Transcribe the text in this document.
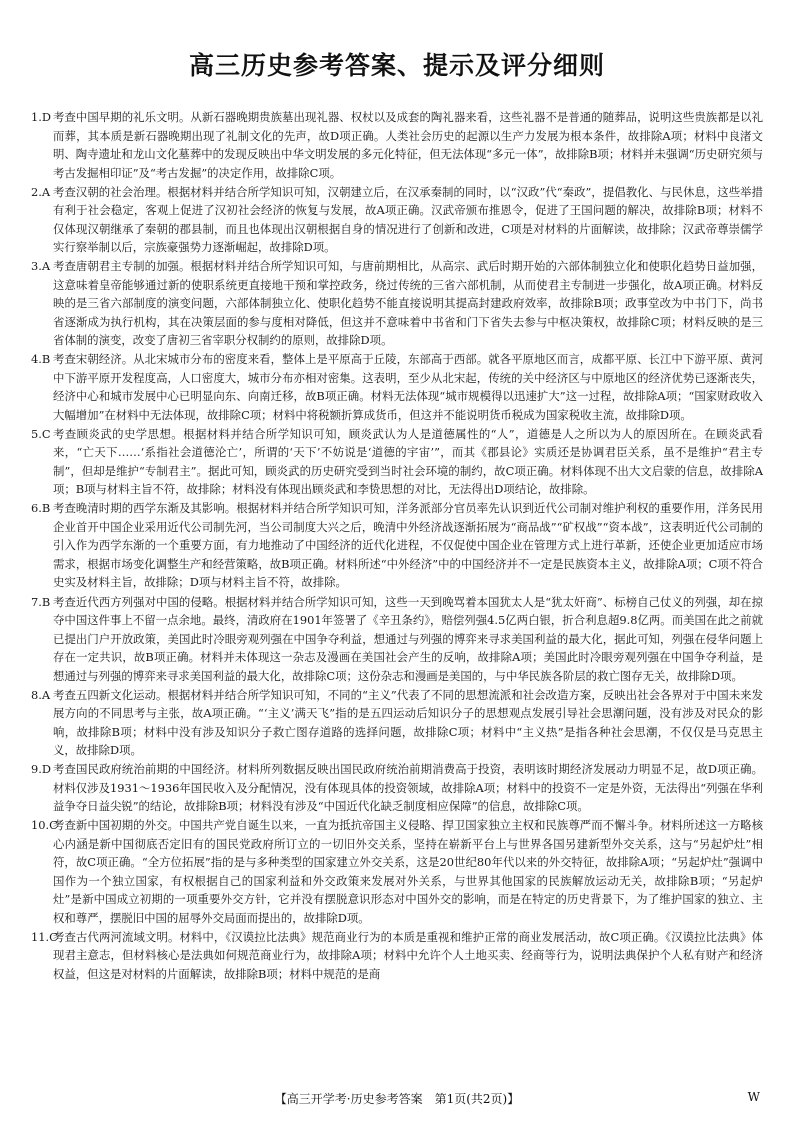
高三历史参考答案、提示及评分细则
1.D 考查中国早期的礼乐文明。从新石器晚期贵族墓出现礼器、权杖以及成套的陶礼器来看，这些礼器不是普通的随葬品，说明这些贵族都是以礼而葬，其本质是新石器晚期出现了礼制文化的先声，故D项正确。人类社会历史的起源以生产力发展为根本条件，故排除A项；材料中良渚文明、陶寺遗址和龙山文化墓葬中的发现反映出中华文明发展的多元化特征，但无法体现“多元一体”，故排除B项；材料并未强调“历史研究须与考古发掘相印证”及“考古发掘”的决定作用，故排除C项。
2.A 考查汉朝的社会治理。根据材料并结合所学知识可知，汉朝建立后，在汉承秦制的同时，以“汉政”代“秦政”，提倡教化、与民休息，这些举措有利于社会稳定，客观上促进了汉初社会经济的恢复与发展，故A项正确。汉武帝颁布推恩令，促进了王国问题的解决，故排除B项；材料不仅体现汉朝继承了秦朝的郡县制，而且也体现出汉朝根据自身的情况进行了创新和改进，C项是对材料的片面解读，故排除；汉武帝尊崇儒学实行察举制以后，宗族豪强势力逐渐崛起，故排除D项。
3.A 考查唐朝君主专制的加强。根据材料并结合所学知识可知，与唐前期相比，从高宗、武后时期开始的六部体制独立化和使职化趋势日益加强，这意味着皇帝能够通过新的使职系统更直接地干预和掌控政务，绕过传统的三省六部机制，从而使君主专制进一步强化，故A项正确。材料反映的是三省六部制度的演变问题，六部体制独立化、使职化趋势不能直接说明其提高封建政府效率，故排除B项；政事堂改为中书门下，尚书省逐渐成为执行机构，其在决策层面的参与度相对降低，但这并不意味着中书省和门下省失去参与中枢决策权，故排除C项；材料反映的是三省体制的演变，改变了唐初三省宰职分权制约的原则，故排除D项。
4.B 考查宋朝经济。从北宋城市分布的密度来看，整体上是平原高于丘陵，东部高于西部。就各平原地区而言，成都平原、长江中下游平原、黄河中下游平原开发程度高，人口密度大，城市分布亦相对密集。这表明，至少从北宋起，传统的关中经济区与中原地区的经济优势已逐渐丧失，经济中心和城市发展中心已明显向东、向南迁移，故B项正确。材料无法体现“城市规模得以迅速扩大”这一过程，故排除A项；“国家财政收入大幅增加”在材料中无法体现，故排除C项；材料中将税额折算成货币，但这并不能说明货币税成为国家税收主流，故排除D项。
5.C 考查顾炎武的史学思想。根据材料并结合所学知识可知，顾炎武认为人是道德属性的“人”，道德是人之所以为人的原因所在。在顾炎武看来，“亡天下……‘系指社会道德沦亡’，所谓的‘天下’不妨说是‘道德的宇宙’”，而其《郡县论》实质还是协调君臣关系，虽不是维护“君主专制”，但却是维护“专制君主”。据此可知，顾炎武的历史研究受到当时社会环境的制约，故C项正确。材料体现不出大文启蒙的信息，故排除A项；B项与材料主旨不符，故排除；材料没有体现出顾炎武和李贽思想的对比，无法得出D项结论，故排除。
6.B 考查晚清时期的西学东渐及其影响。根据材料并结合所学知识可知，洋务派部分官员率先认识到近代公司制对维护利权的重要作用，洋务民用企业首开中国企业采用近代公司制先河，当公司制度大兴之后，晚清中外经济战逐渐拓展为“商品战”“矿权战”“资本战”，这表明近代公司制的引入作为西学东渐的一个重要方面，有力地推动了中国经济的近代化进程，不仅促使中国企业在管理方式上进行革新，还使企业更加适应市场需求，根据市场变化调整生产和经营策略，故B项正确。材料所述“中外经济”中的中国经济并不一定是民族资本主义，故排除A项；C项不符合史实及材料主旨，故排除；D项与材料主旨不符，故排除。
7.B 考查近代西方列强对中国的侵略。根据材料并结合所学知识可知，这些一天到晚骂着本国犹太人是“犹太奸商”、标榜自己仗义的列强，却在掠夺中国这件事上不留一点余地。最终，清政府在1901年签署了《辛丑条约》，赔偿列强4.5亿两白银，折合利息超9.8亿两。而美国在此之前就已提出门户开放政策，美国此时冷眼旁观列强在中国争夺利益，想通过与列强的博弈来寻求美国利益的最大化，据此可知，列强在侵华问题上存在一定共识，故B项正确。材料并未体现这一杂志及漫画在美国社会产生的反响，故排除A项；美国此时冷眼旁观列强在中国争夺利益，是想通过与列强的博弈来寻求美国利益的最大化，故排除C项；这份杂志和漫画是美国的，与中华民族各阶层的救亡图存无关，故排除D项。
8.A 考查五四新文化运动。根据材料并结合所学知识可知，不同的“主义”代表了不同的思想流派和社会改造方案，反映出社会各界对于中国未来发展方向的不同思考与主张，故A项正确。“‘主义’满天飞”指的是五四运动后知识分子的思想观点发展引导社会思潮问题，没有涉及对民众的影响，故排除B项；材料中没有涉及知识分子救亡图存道路的选择问题，故排除C项；材料中“主义热”是指各种社会思潮，不仅仅是马克思主义，故排除D项。
9.D 考查国民政府统治前期的中国经济。材料所列数据反映出国民政府统治前期消费高于投资，表明该时期经济发展动力明显不足，故D项正确。材料仅涉及1931～1936年国民收入及分配情况，没有体现具体的投资领域，故排除A项；材料中的投资不一定是外资，无法得出“列强在华利益争夺日益尖锐”的结论，故排除B项；材料没有涉及“中国近代化缺乏制度相应保障”的信息，故排除C项。
10.C
考查新中国初期的外交。中国共产党自诞生以来，一直为抵抗帝国主义侵略、捍卫国家独立主权和民族尊严而不懈斗争。材料所述这一方略核心内涵是新中国彻底否定旧有的国民党政府所订立的一切旧外交关系，坚持在崭新平台上与世界各国另建新型外交关系，这与“另起炉灶”相符，故C项正确。“全方位拓展”指的是与多种类型的国家建立外交关系，这是20世纪80年代以来的外交特征，故排除A项；“另起炉灶”强调中国作为一个独立国家，有权根据自己的国家利益和外交政策来发展对外关系，与世界其他国家的民族解放运动无关，故排除B项；“另起炉灶”是新中国成立初期的一项重要外交方针，它并没有摆脱意识形态对中国外交的影响，而是在特定的历史背景下，为了维护国家的独立、主权和尊严，摆脱旧中国的屈辱外交局面而提出的，故排除D项。
11.C
考查古代两河流域文明。材料中，《汉谟拉比法典》规范商业行为的本质是重视和维护正常的商业发展活动，故C项正确。《汉谟拉比法典》体现君主意志，但材料核心是法典如何规范商业行为，故排除A项；材料中允许个人土地买卖、经商等行为，说明法典保护个人私有财产和经济权益，但这是对材料的片面解读，故排除B项；材料中规范的是商
【高三开学考·历史参考答案　第1页(共2页)】	W
